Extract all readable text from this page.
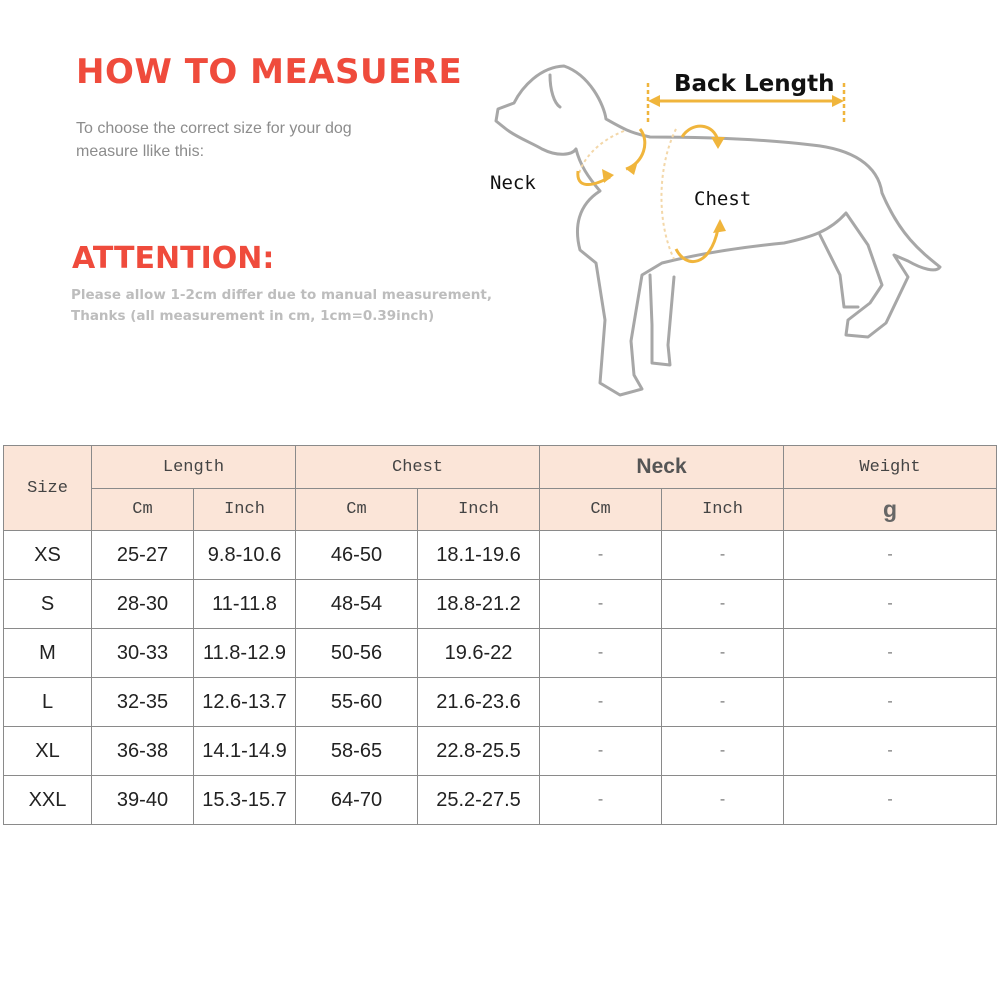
HOW TO MEASUERE
To choose the correct size for your dog
measure llike this:
ATTENTION:
Please allow 1-2cm differ due to manual measurement,
Thanks (all measurement in cm, 1cm=0.39inch)
Back Length
Neck
Chest
Size	Length		Chest		Neck		Weight
	Cm	Inch	Cm	Inch	Cm	Inch	g
XS	25-27	9.8-10.6	46-50	18.1-19.6	-	-	-
S	28-30	11-11.8	48-54	18.8-21.2	-	-	-
M	30-33	11.8-12.9	50-56	19.6-22	-	-	-
L	32-35	12.6-13.7	55-60	21.6-23.6	-	-	-
XL	36-38	14.1-14.9	58-65	22.8-25.5	-	-	-
XXL	39-40	15.3-15.7	64-70	25.2-27.5	-	-	-
